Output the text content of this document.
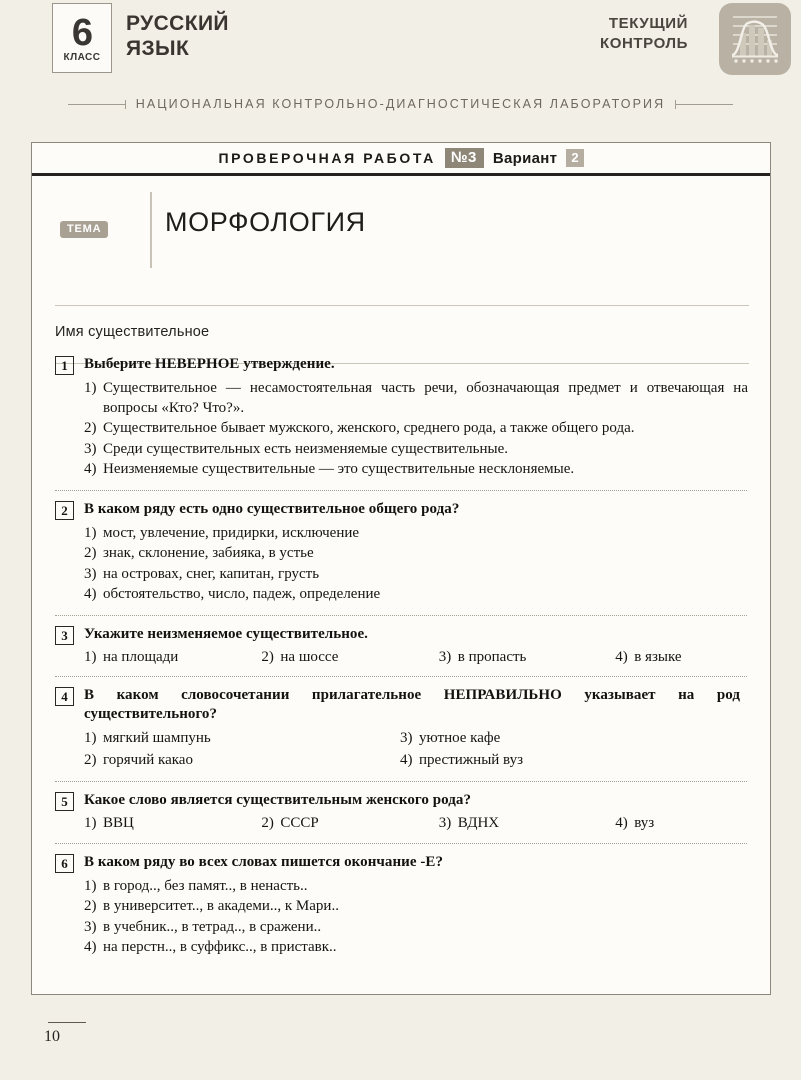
6
КЛАСС
РУССКИЙ
ЯЗЫК
ТЕКУЩИЙ
КОНТРОЛЬ
НАЦИОНАЛЬНАЯ КОНТРОЛЬНО-ДИАГНОСТИЧЕСКАЯ ЛАБОРАТОРИЯ
ПРОВЕРОЧНАЯ РАБОТА	№3	Вариант	2
ТЕМА МОРФОЛОГИЯ
Имя существительное
1	Выберите НЕВЕРНОЕ утверждение.
1) Существительное — несамостоятельная часть речи, обозначающая предмет и отвечающая на вопросы «Кто? Что?».
2) Существительное бывает мужского, женского, среднего рода, а также общего рода.
3) Среди существительных есть неизменяемые существительные.
4) Неизменяемые существительные — это существительные несклоняемые.
2	В каком ряду есть одно существительное общего рода?
1) мост, увлечение, придирки, исключение
2) знак, склонение, забияка, в устье
3) на островах, снег, капитан, грусть
4) обстоятельство, число, падеж, определение
3	Укажите неизменяемое существительное.
1) на площади	2) на шоссе	3) в пропасть	4) в языке
4	В каком словосочетании прилагательное НЕПРАВИЛЬНО указывает на род существительного?
1) мягкий шампунь
2) горячий какао
3) уютное кафе
4) престижный вуз
5	Какое слово является существительным женского рода?
1) ВВЦ	2) СССР	3) ВДНХ	4) вуз
6	В каком ряду во всех словах пишется окончание -Е?
1) в город.., без памят.., в ненасть..
2) в университет.., в академи.., к Мари..
3) в учебник.., в тетрад.., в сражени..
4) на перстн.., в суффикс.., в приставк..
10
